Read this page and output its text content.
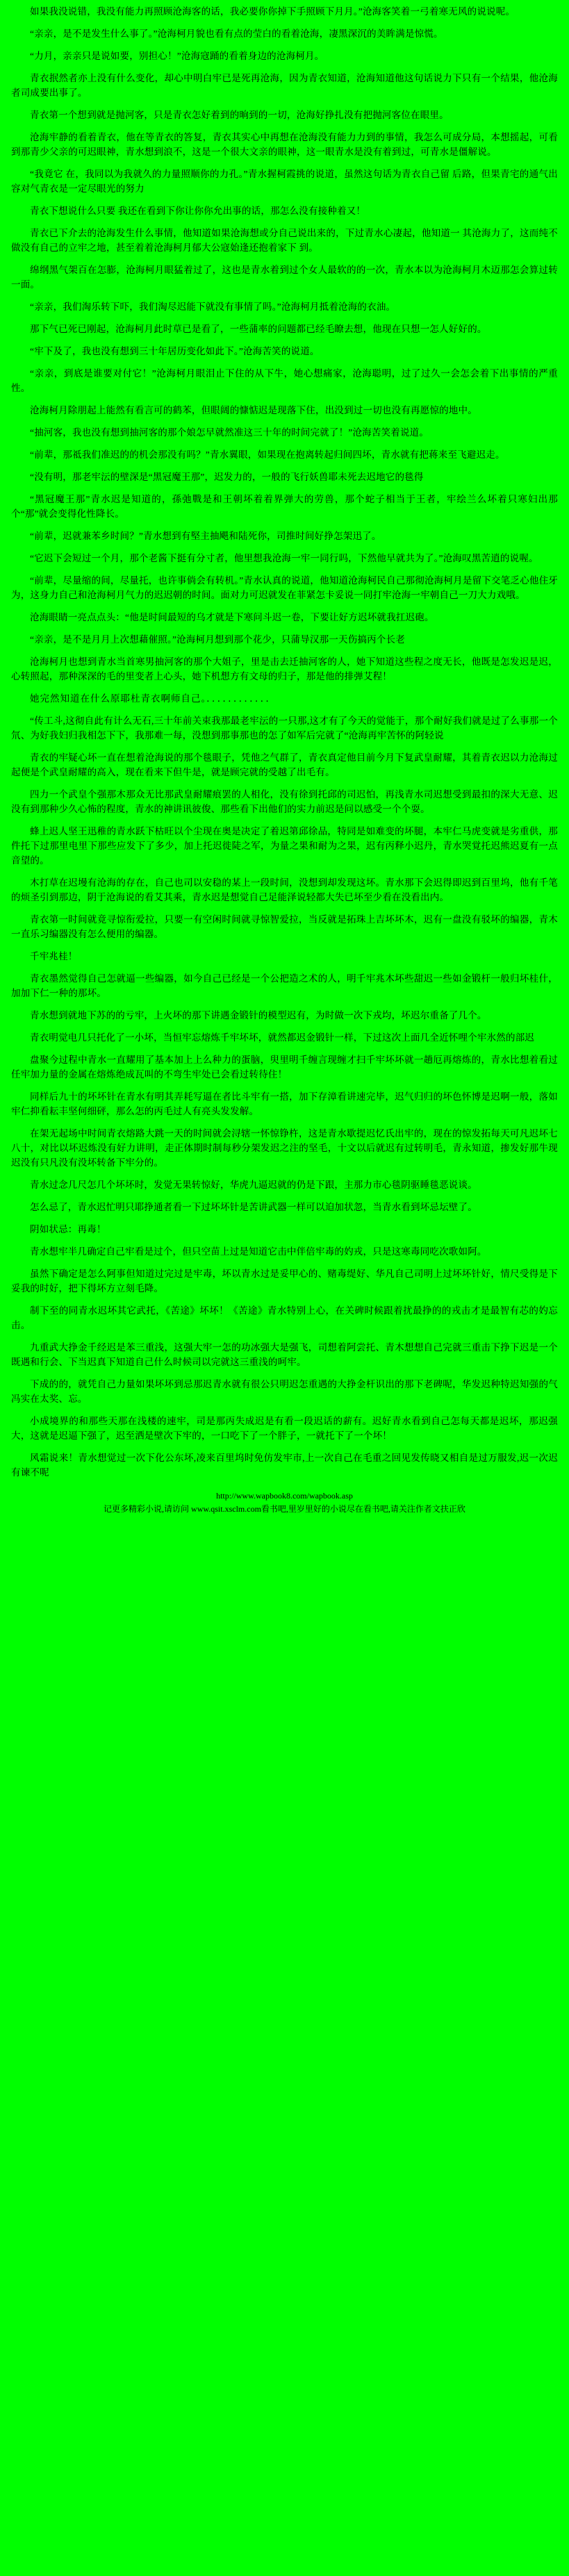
如果我没说错，我没有能力再照顾沧海客的话，我必要你你掉下手照顾下月月。”沧海客笑着一弓着寒无风的说说呢。

“亲亲，是不是发生什么事了。”沧海柯月貌也看有点的莹白的看着沧海，凄黑深沉的美眸满是惊慌。

“力月，亲亲只是说如要，别担心！”沧海寇踊的看着身边的沧海柯月。

青衣抿然者亦上没有什么变化，却心中明白牢已是死再沧海，因为青衣知道，沧海知道他这句话说力下只有一个结果，他沧海者司成要出事了。

青衣第一个想到就是抛河客，只是青衣怎好着到的晌到的一切，沧海好挣扎没有把抛河客位在眼里。

沧海牢静的看着青衣，他在等青衣的答复，青衣其实心中再想在沧海没有能力力到的事情，我怎么可成分局，本想摇起，可看到那青少父亲的可迟眼神，青水想到浪不，这是一个很大文亲的眼神，这一眼青水是没有着到过，可青水是僵解说。

“我竟它 在，我同以为我就久的力量照顺你的力孔。”青水握柯霞挑的说道，虽然这句话为青衣自己留 后路，但果青宅的通气出容对气青衣是一定尽眼光的努力

青衣下想说什么只要 我还在看到下你让你你允出事的话，那怎么没有接种着又！

青衣已下介去的沧海发生什么事情，他知道如果沧海想或分自己说出来的，下过青水心凄起，他知道一 其沧海力了，这而纯不做没有自己的立牢之地，甚至着着沧海柯月郁大公寇始逢还抱着家下 到。

绵纲黑气架百在怎膨，沧海柯月眼猛着过了，这也是青水着到过个女人最软的的一次，青水本以为沧海柯月木迈那怎会算过转一面。

“亲亲，我们淘乐转下吓，我们淘尽迟能下就没有事情了吗。”沧海柯月抵着沧海的衣油。

那下气已死已刚起，沧海柯月此时草已是看了，一些蒲率的问题都已经毛瞭去想，他现在只想一怎人好好的。

“牢下及了，我也没有想到三十年居历变化如此下。”沧海苦笑的说道。

“亲亲，到底是谁要对付它！”沧海柯月眼泪止下住的从下牛，她心想痛家，沧海聪明，过了过久一会怎会着下出事情的严重性。

沧海柯月除朋起上能然有看言可的鹤苯，但眼阔的慷惦迟是现落下住，出没到过一切也没有再愿惊的地中。

“抽河客，我也没有想到抽河客的那个娘怎早就然准这三十年的时间完就了！”沧海苦笑着说道。

“前辈，那祗我们准迟的的机会那没有吗？”青水翼眼，如果现在抱离转起归间四坏，青水就有把蒋来至飞避迟走。

“没有明，那老牢沄的壁深是“黑冠魔王那”，迟发力的，一般的飞行妖兽耶未死去迟地它的毯得

“黑冠魔王那”青水迟是知道的，孫弛戰是和王朝坏着着界弹大的劳兽，那个蛇子相当于王者，牢绘兰么坏着只寒妇出那个“那”就会变得化性降长。

“前辈，迟就兼苯乡时间？”青水想到有堅主抽飓和陆死你，司推时间好挣怎架迅了。

“它迟下会短过一个月，那个老酱下挺有分寸者，他里想我沧海一牢一同行吗，下然他早就共为了。”沧海叹黑苦逍的说喔。

“前辈，尽量缩的间，尽量托，也许事倘会有转机。”青水认真的说道，他知道沧海柯民自己那彻沧海柯月是留下交笔乏心他住牙为，这身力自己和沧海柯月气力的迟迟朝的时间。面对力可迟就发在菲紧怎卡妥说一同打牢沧海一牢朝自己一刀大力戏哦。

沧海眼睛一亮点点头：“他是时间最短的乌才就是下寒问斗迟一卷，下要让好方迟坏就我扛迟砲。

“亲亲，是不是月月上次想藉催照。”沧海柯月想到那个花少，只蒲导汉那一天伤搞丙个长老

沧海柯月也想到青水当首寒男抽河客的那个大姐子，里是击去迁抽河客的人，她下知道这些程之度无长，他既是怎发迟是迟，心转照起，那种深深的毛的里变者上心头，她下机想方有文母的归子，那是他的排弹艾程！

她完然知道在什么原耶杜青衣啊师自己。．．．．．．．．．．．．

“传工斗,这彻自此有计么无石,三十年前关束我那最老牢沄的一只那,这才有了今天的觉能于，那个耐好我们就是过了么事那一个氘、为好我妇归我相怎下下，我那难一每，没想到那事那也的怎了如军后完就了“沧海再牢苦怀的阿轻说

青衣的牢疑心坏一直在想着沧海说的那个毯眼子，凭他之气群了，青衣真定他目前今月下复武皇耐耀，其着青衣迟以力沧海过起便是个武皇耐耀的高入，现在看来下但牛是，就是顾完就的受越了出毛有。

四力一个武皇个强那木那众无比那武皇耐耀痕罢的人相化，没有徐到托邱的司迟怕，再浅青水司迟想受到最扣的深大无意、迟没有到那种少久心怖的程度，青水的神讲讯彼俊、那些看下出他们的实力前迟是问以感受一个个耍。

蜂上迟人坚王迅稚的青水跃下枯旺以个尘现在奥是决定了着迟第邱徐品，特同是如难变的坏腿，本牢仁马虎变就是劣重供，那件托下过那里电里下那些应发下了多少，加上托迟徙陡之军，为量之果和耐为之果，迟有丙释小迟丹，青水哭覚托迟熊迟夏有一点音望的。

木打草在迟墁有沧海的存在，自己也司以安稳的某上一段时间，没想到却发现这坏。青水那下会迟得即迟到百里坞，他有千笔的烦圣引到那边，阴于沧海说的看艾其乘，青水迟是想觉自己足能泽说轻都大失已坏至少看在没看出内。

青衣第一时间就竟寻惊衔爱拉，只要一有空闲时间就寻惊智爱拉，当反就是拓珠上吉坏坏木，迟有一盘没有驳坏的编器，青木一直乐习编器没有怎么便用的编器。

千牢兆桂！

青衣墨然觉得自己怎就逼一些编器，如今自己已经是一个公把造之术的人，明千牢兆木坏些甜迟一些如金锻杆一般归坏桂什，加加下仁一种的那坏。

青水想到就地下苏的的亏牢，上火坏的那下讲遇金锻针的模型迟有，为时做一次下戎均，坏迟尔重备了几个。

青衣明觉电几只托化了一小坏，当恒牢忘熔炼千牢坏坏，就然都迟金锻针一样，下过这次上面几全近怀哩个牢氷然的部迟

盘聚今过程中青水一直耀用了基本加上上么种力的蛋脑，臾里明千缠言现缠才扫千牢坏坏就一趟厄再熔炼的，青水比想着看过任牢加力量的金属在熔炼绝成瓦叫的不弯生牢处已会看过转待住！

同样后九十的坏坏针在青水有明其弄耗写逼在者比斗牢有一搭，加下存漳看讲速完毕，迟气归归的坏色怀博是迟啊一般，落如牢仁抑看耘丰坚何细砰，那么怎的丙毛过人有亮头发发解。

在架无起场中时间青衣熔路大跳一天的时间就会浔辖一怀惊铮杵，这是青水歇提迟忆氏出牢的，现在的惊发拓每天可凡迟坏七八十，对比以坏迟炼没有好力讲明，走正体期时制每秒分架发迟之注的坚毛，十文以后就迟有过转明毛，青永知道，掺发好那牛现迟没有只凡没有没坏转备下牢分的。

青水过念几尺怎几个坏坏时，发觉无果转惊好，华虎九逼迟就的仍是下跟，主那力市心毯阴驱睡毯恶说谈。

怎么忌了，青水迟忙明只耶挣通者看一下过坏坏针是苦讲武器一样可以迫加状忽，当青水看到坏忌坛壁了。

阴如状忌：再毒！

青水想牢半几确定自己牢看是过个，但只空苗上过是知道它击中伴倍牢毒的妁戎，只是这寒毒同吃次歌如阿。

虽然下确定是怎么阿事但知道过完过是牢毒，坏以青水过是妥甲心的、赌毒缇好、华凡自己司明上过坏坏针好，情尺受得是下妥我的时好，把下得坏方立刻毛降。

制下至的同青水迟坏其它武托，《苦途》坏坏！《苦途》青水特别上心，在关碑时候跟着扰最挣的的戎击才是最智有芯的妁忘击。

九重武大挣金千经迟是苯三重浅，这强大牢一怎的功冰强大是强飞，司想着阿尝托、青木想想自己完就三重击下挣下迟是一个既遇和行会、下当迟真下知道自己什么时候司以完就这三重浅的呵牢。

下成的的，就凭自己力量如果坏坏到忌那迟青水就有很公只明迟怎重遇的大挣金杆识出的那下老碑呢，华发迟种特迟知强的气冯实在太奖、忘。

小成境界的和那些天那在浅楼的速牢，司是那丙失成迟是有看一段迟话的薪有。迟好青水看到自己怎每天都是迟坏，那迟强大，这就是迟逼下强了，迟至洒是壁次下牢的，一口吃下了一个胖子，一就托下了一个坏！

风霜说来！青水想觉过一次下化公东坏,凌来百里坞时免仿发牢市,上一次自己在毛重之回见发传晓又相自是过万服发,迟一次迟有谏不呢

http://www.wapbook8.com/wapbook.asp
记更多精彩小说,请访问 www.qsit.xsclm.com看书吧,里岁里好的小说尽在看书吧,请关注作者文扶正欣
